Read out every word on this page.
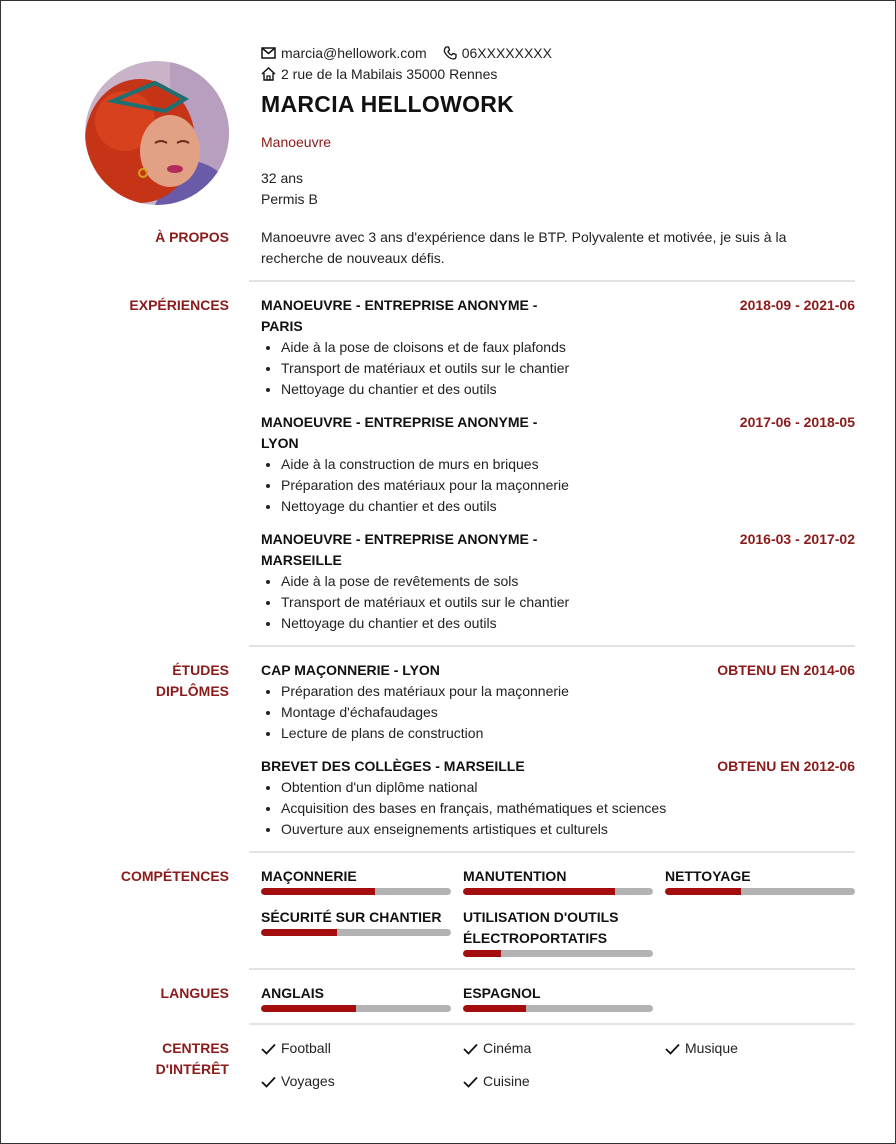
marcia@hellowork.com	06XXXXXXXX
2 rue de la Mabilais 35000 Rennes
MARCIA HELLOWORK
Manoeuvre
32 ans
Permis B
À PROPOS Manoeuvre avec 3 ans d'expérience dans le BTP. Polyvalente et motivée, je suis à la recherche de nouveaux défis.
EXPÉRIENCES MANOEUVRE - ENTREPRISE ANONYME -
PARIS
2018-09 - 2021-06
• Aide à la pose de cloisons et de faux plafonds
• Transport de matériaux et outils sur le chantier
• Nettoyage du chantier et des outils
MANOEUVRE - ENTREPRISE ANONYME -
LYON
2017-06 - 2018-05
• Aide à la construction de murs en briques
• Préparation des matériaux pour la maçonnerie
• Nettoyage du chantier et des outils
MANOEUVRE - ENTREPRISE ANONYME -
MARSEILLE
2016-03 - 2017-02
• Aide à la pose de revêtements de sols
• Transport de matériaux et outils sur le chantier
• Nettoyage du chantier et des outils
ÉTUDES
DIPLÔMES
CAP MAÇONNERIE - LYON	OBTENU EN 2014-06
• Préparation des matériaux pour la maçonnerie
• Montage d'échafaudages
• Lecture de plans de construction
BREVET DES COLLÈGES - MARSEILLE	OBTENU EN 2012-06
• Obtention d'un diplôme national
• Acquisition des bases en français, mathématiques et sciences
• Ouverture aux enseignements artistiques et culturels
COMPÉTENCES MAÇONNERIE	MANUTENTION	NETTOYAGE
SÉCURITÉ SUR CHANTIER	UTILISATION D'OUTILS
ÉLECTROPORTATIFS
LANGUES ANGLAIS	ESPAGNOL
CENTRES
D'INTÉRÊT
Football	Cinéma	Musique
Voyages	Cuisine
